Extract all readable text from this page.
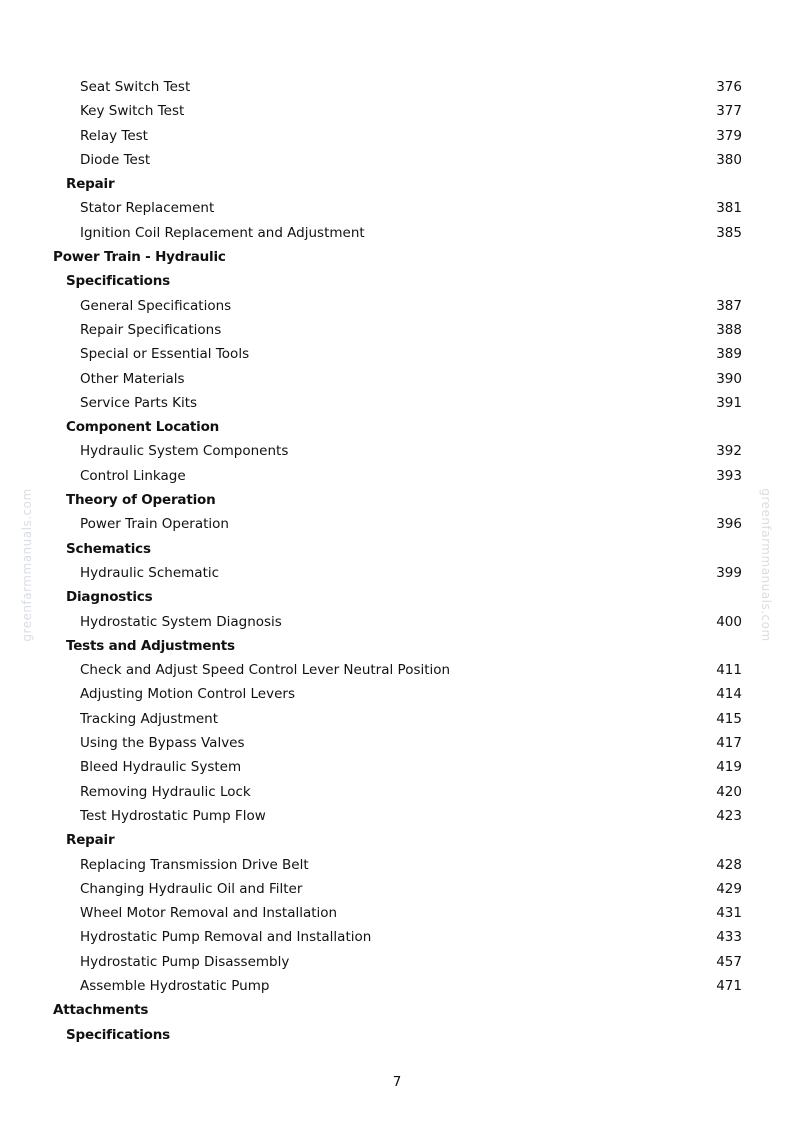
Seat Switch Test	376
Key Switch Test	377
Relay Test	379
Diode Test	380
Repair
Stator Replacement	381
Ignition Coil Replacement and Adjustment	385
Power Train - Hydraulic
Specifications
General Specifications	387
Repair Specifications	388
Special or Essential Tools	389
Other Materials	390
Service Parts Kits	391
Component Location
Hydraulic System Components	392
Control Linkage	393
Theory of Operation
Power Train Operation	396
Schematics
Hydraulic Schematic	399
Diagnostics
Hydrostatic System Diagnosis	400
Tests and Adjustments
Check and Adjust Speed Control Lever Neutral Position	411
Adjusting Motion Control Levers	414
Tracking Adjustment	415
Using the Bypass Valves	417
Bleed Hydraulic System	419
Removing Hydraulic Lock	420
Test Hydrostatic Pump Flow	423
Repair
Replacing Transmission Drive Belt	428
Changing Hydraulic Oil and Filter	429
Wheel Motor Removal and Installation	431
Hydrostatic Pump Removal and Installation	433
Hydrostatic Pump Disassembly	457
Assemble Hydrostatic Pump	471
Attachments
Specifications
greenfarmmanuals.com	greenfarmmanuals.com
7
